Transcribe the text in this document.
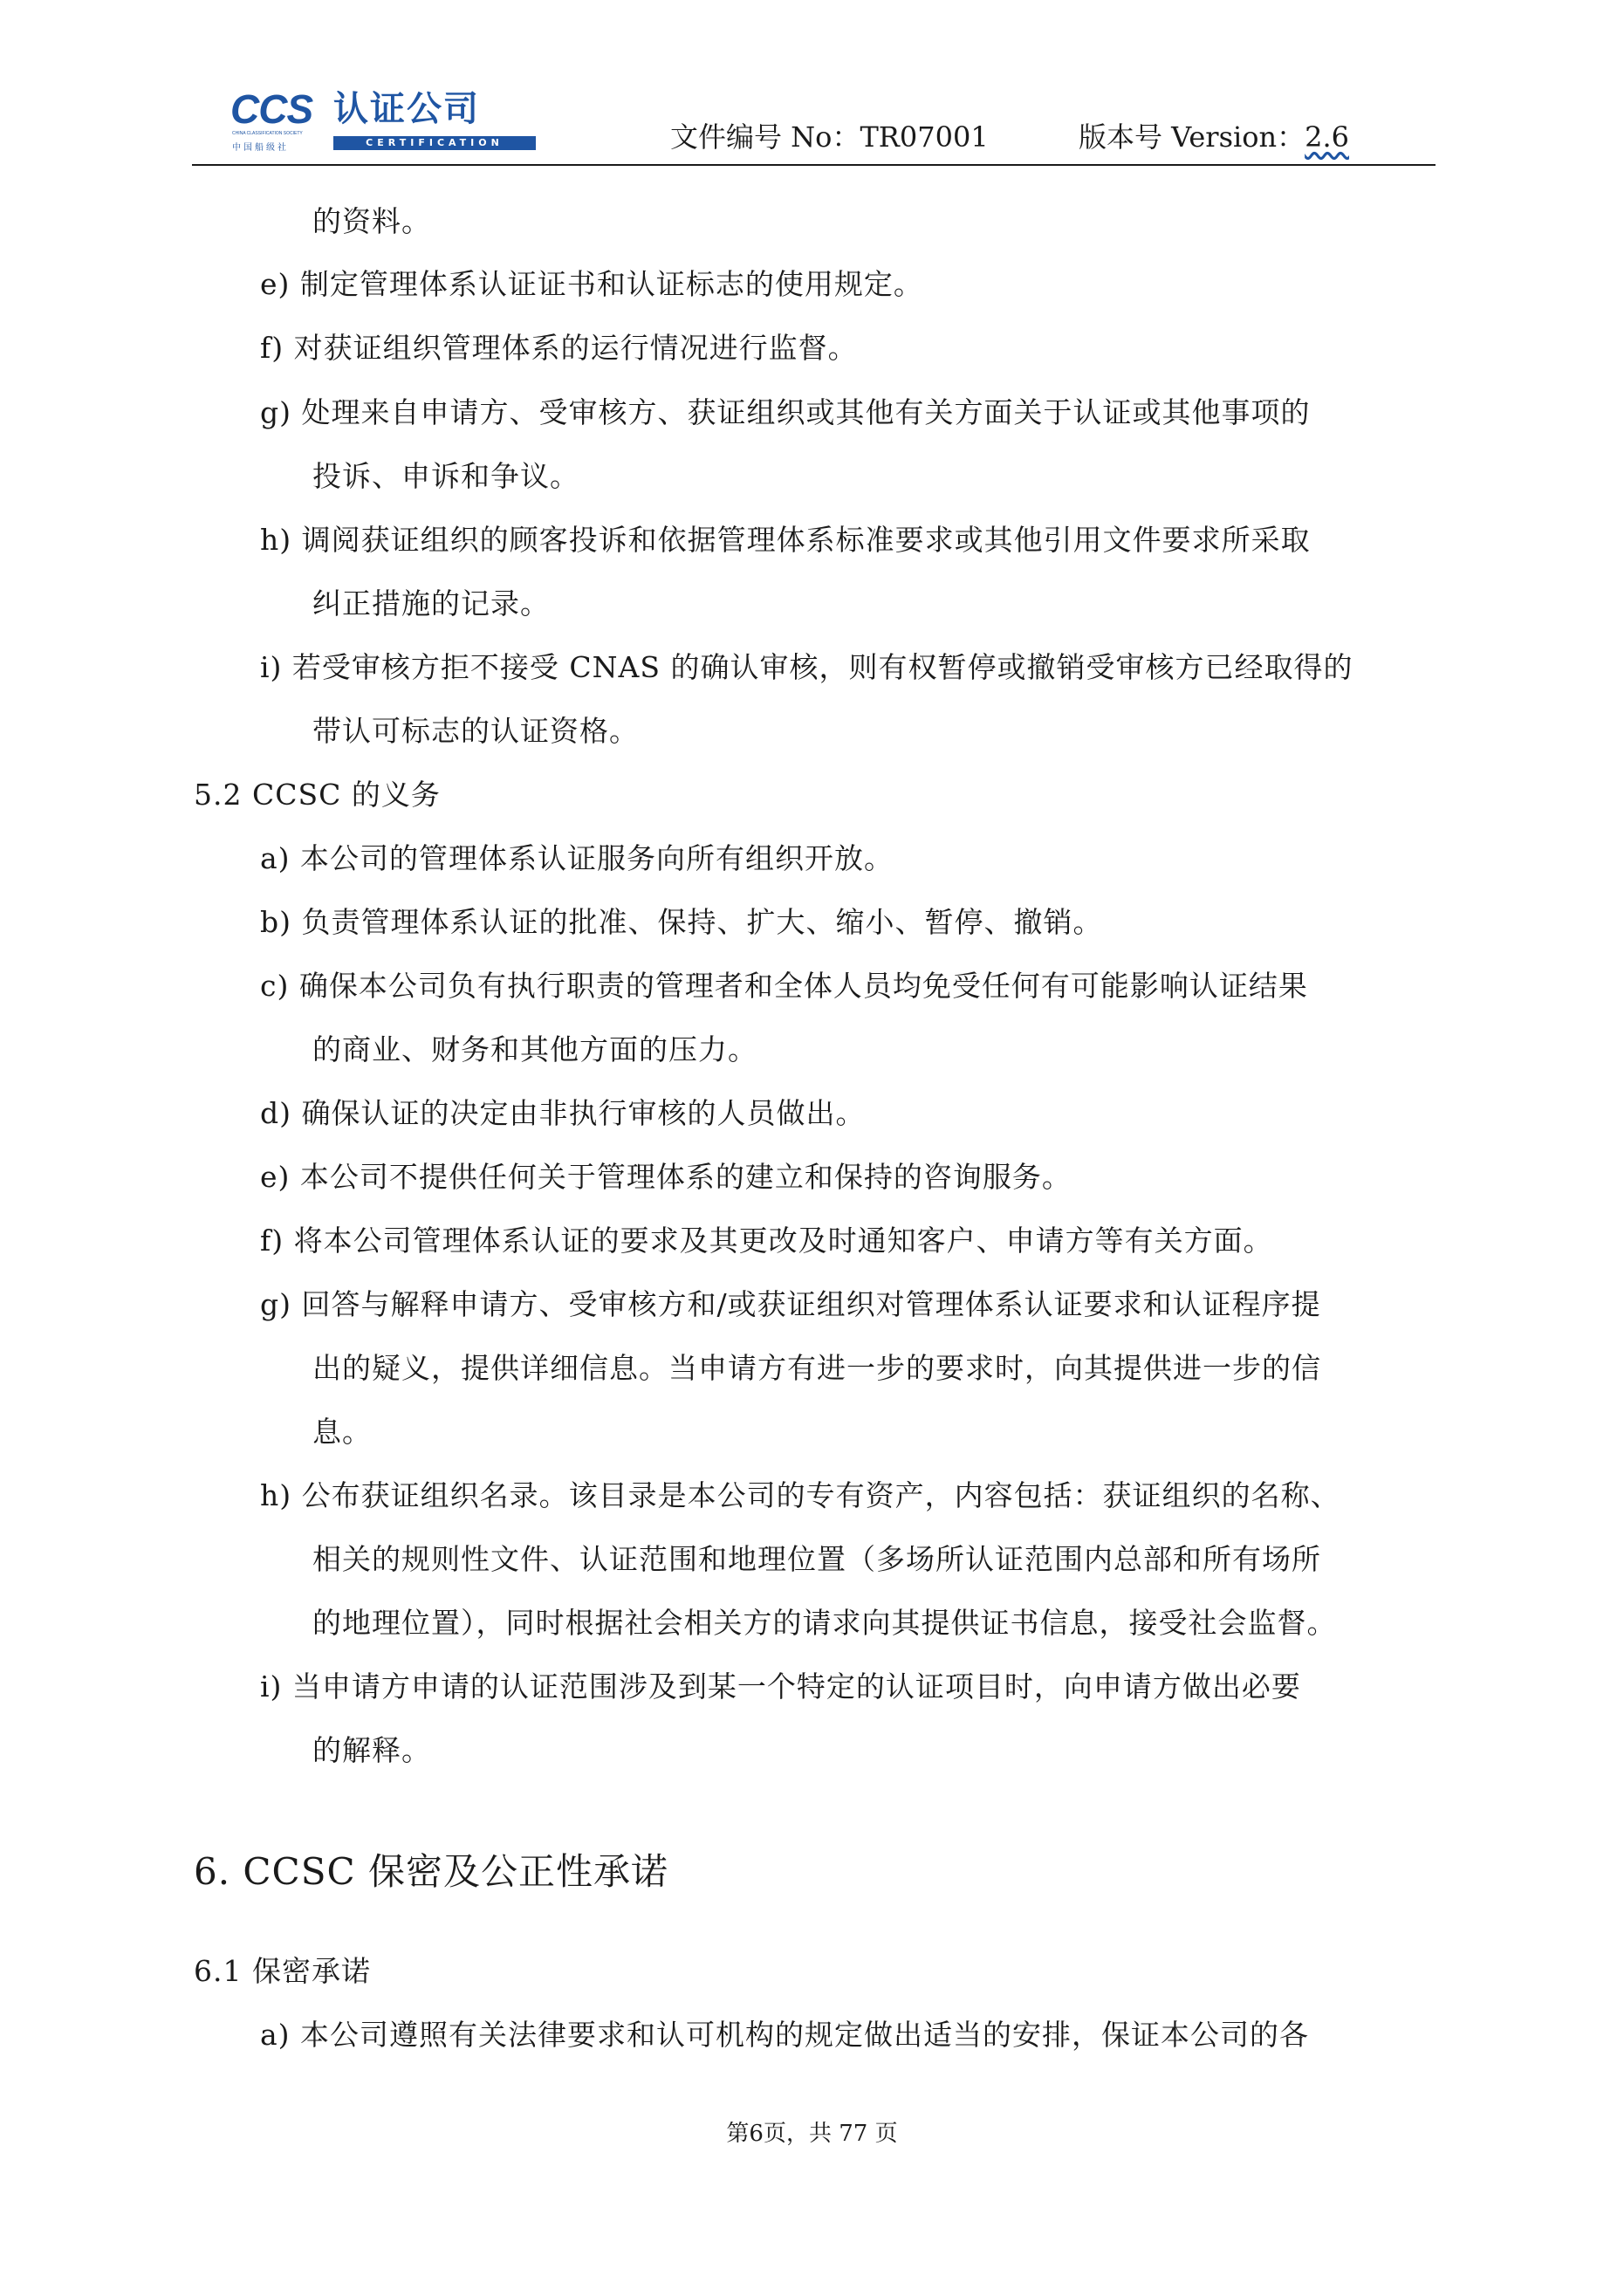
CCS
CHINA CLASSIFICATION SOCIETY
中国船级社
认证公司
CERTIFICATION	文件编号 No：TR07001	版本号 Version：2.6
的资料。
e) 制定管理体系认证证书和认证标志的使用规定。
f) 对获证组织管理体系的运行情况进行监督。
g) 处理来自申请方、受审核方、获证组织或其他有关方面关于认证或其他事项的
投诉、申诉和争议。
h) 调阅获证组织的顾客投诉和依据管理体系标准要求或其他引用文件要求所采取
纠正措施的记录。
i) 若受审核方拒不接受 CNAS 的确认审核，则有权暂停或撤销受审核方已经取得的
带认可标志的认证资格。
5.2 CCSC 的义务
a) 本公司的管理体系认证服务向所有组织开放。
b) 负责管理体系认证的批准、保持、扩大、缩小、暂停、撤销。
c) 确保本公司负有执行职责的管理者和全体人员均免受任何有可能影响认证结果
的商业、财务和其他方面的压力。
d) 确保认证的决定由非执行审核的人员做出。
e) 本公司不提供任何关于管理体系的建立和保持的咨询服务。
f) 将本公司管理体系认证的要求及其更改及时通知客户、申请方等有关方面。
g) 回答与解释申请方、受审核方和/或获证组织对管理体系认证要求和认证程序提
出的疑义，提供详细信息。当申请方有进一步的要求时，向其提供进一步的信
息。
h) 公布获证组织名录。该目录是本公司的专有资产，内容包括：获证组织的名称、
相关的规则性文件、认证范围和地理位置（多场所认证范围内总部和所有场所
的地理位置），同时根据社会相关方的请求向其提供证书信息，接受社会监督。
i) 当申请方申请的认证范围涉及到某一个特定的认证项目时，向申请方做出必要
的解释。
6. CCSC 保密及公正性承诺
6.1 保密承诺
a) 本公司遵照有关法律要求和认可机构的规定做出适当的安排，保证本公司的各
第6页，共 77 页
